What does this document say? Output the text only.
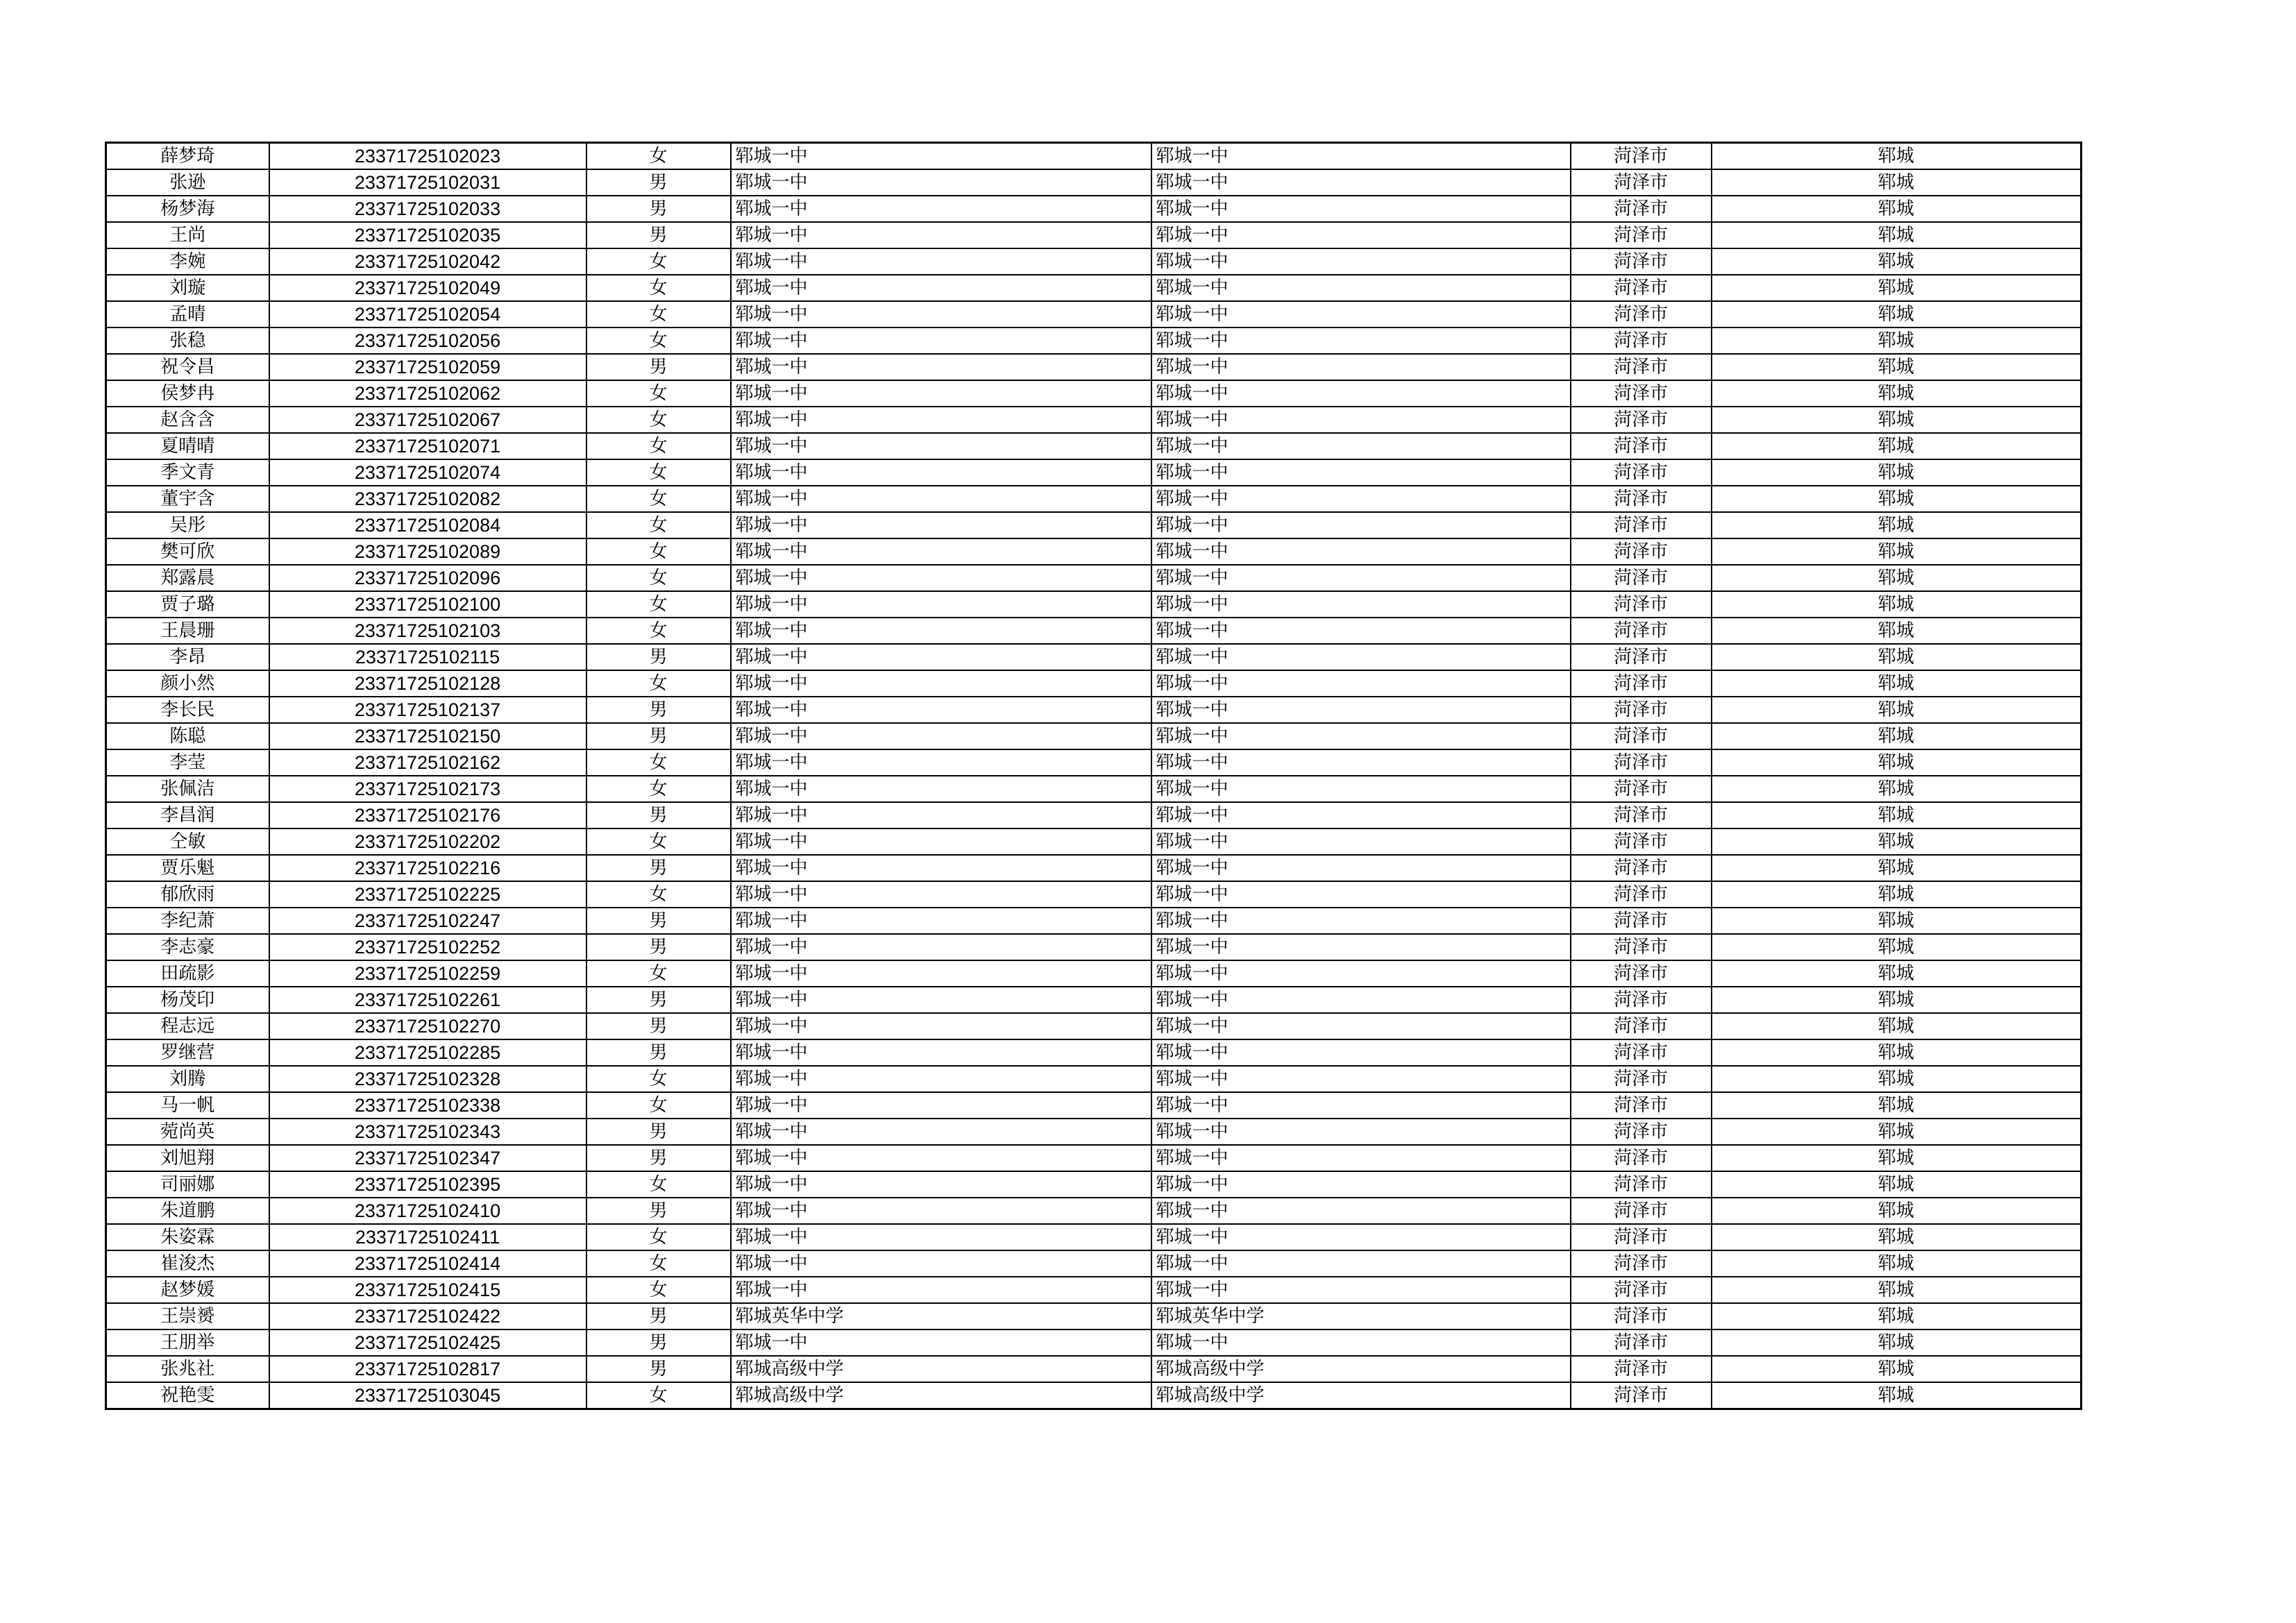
薛梦琦	23371725102023	女	郓城一中	郓城一中	菏泽市	郓城
张逊	23371725102031	男	郓城一中	郓城一中	菏泽市	郓城
杨梦海	23371725102033	男	郓城一中	郓城一中	菏泽市	郓城
王尚	23371725102035	男	郓城一中	郓城一中	菏泽市	郓城
李婉	23371725102042	女	郓城一中	郓城一中	菏泽市	郓城
刘璇	23371725102049	女	郓城一中	郓城一中	菏泽市	郓城
孟晴	23371725102054	女	郓城一中	郓城一中	菏泽市	郓城
张稳	23371725102056	女	郓城一中	郓城一中	菏泽市	郓城
祝令昌	23371725102059	男	郓城一中	郓城一中	菏泽市	郓城
侯梦冉	23371725102062	女	郓城一中	郓城一中	菏泽市	郓城
赵含含	23371725102067	女	郓城一中	郓城一中	菏泽市	郓城
夏晴晴	23371725102071	女	郓城一中	郓城一中	菏泽市	郓城
季文青	23371725102074	女	郓城一中	郓城一中	菏泽市	郓城
董宇含	23371725102082	女	郓城一中	郓城一中	菏泽市	郓城
吴彤	23371725102084	女	郓城一中	郓城一中	菏泽市	郓城
樊可欣	23371725102089	女	郓城一中	郓城一中	菏泽市	郓城
郑露晨	23371725102096	女	郓城一中	郓城一中	菏泽市	郓城
贾子璐	23371725102100	女	郓城一中	郓城一中	菏泽市	郓城
王晨珊	23371725102103	女	郓城一中	郓城一中	菏泽市	郓城
李昂	23371725102115	男	郓城一中	郓城一中	菏泽市	郓城
颜小然	23371725102128	女	郓城一中	郓城一中	菏泽市	郓城
李长民	23371725102137	男	郓城一中	郓城一中	菏泽市	郓城
陈聪	23371725102150	男	郓城一中	郓城一中	菏泽市	郓城
李莹	23371725102162	女	郓城一中	郓城一中	菏泽市	郓城
张佩洁	23371725102173	女	郓城一中	郓城一中	菏泽市	郓城
李昌润	23371725102176	男	郓城一中	郓城一中	菏泽市	郓城
仝敏	23371725102202	女	郓城一中	郓城一中	菏泽市	郓城
贾乐魁	23371725102216	男	郓城一中	郓城一中	菏泽市	郓城
郁欣雨	23371725102225	女	郓城一中	郓城一中	菏泽市	郓城
李纪萧	23371725102247	男	郓城一中	郓城一中	菏泽市	郓城
李志豪	23371725102252	男	郓城一中	郓城一中	菏泽市	郓城
田疏影	23371725102259	女	郓城一中	郓城一中	菏泽市	郓城
杨茂印	23371725102261	男	郓城一中	郓城一中	菏泽市	郓城
程志远	23371725102270	男	郓城一中	郓城一中	菏泽市	郓城
罗继营	23371725102285	男	郓城一中	郓城一中	菏泽市	郓城
刘腾	23371725102328	女	郓城一中	郓城一中	菏泽市	郓城
马一帆	23371725102338	女	郓城一中	郓城一中	菏泽市	郓城
菀尚英	23371725102343	男	郓城一中	郓城一中	菏泽市	郓城
刘旭翔	23371725102347	男	郓城一中	郓城一中	菏泽市	郓城
司丽娜	23371725102395	女	郓城一中	郓城一中	菏泽市	郓城
朱道鹏	23371725102410	男	郓城一中	郓城一中	菏泽市	郓城
朱姿霖	23371725102411	女	郓城一中	郓城一中	菏泽市	郓城
崔浚杰	23371725102414	女	郓城一中	郓城一中	菏泽市	郓城
赵梦媛	23371725102415	女	郓城一中	郓城一中	菏泽市	郓城
王崇赟	23371725102422	男	郓城英华中学	郓城英华中学	菏泽市	郓城
王朋举	23371725102425	男	郓城一中	郓城一中	菏泽市	郓城
张兆社	23371725102817	男	郓城高级中学	郓城高级中学	菏泽市	郓城
祝艳雯	23371725103045	女	郓城高级中学	郓城高级中学	菏泽市	郓城
